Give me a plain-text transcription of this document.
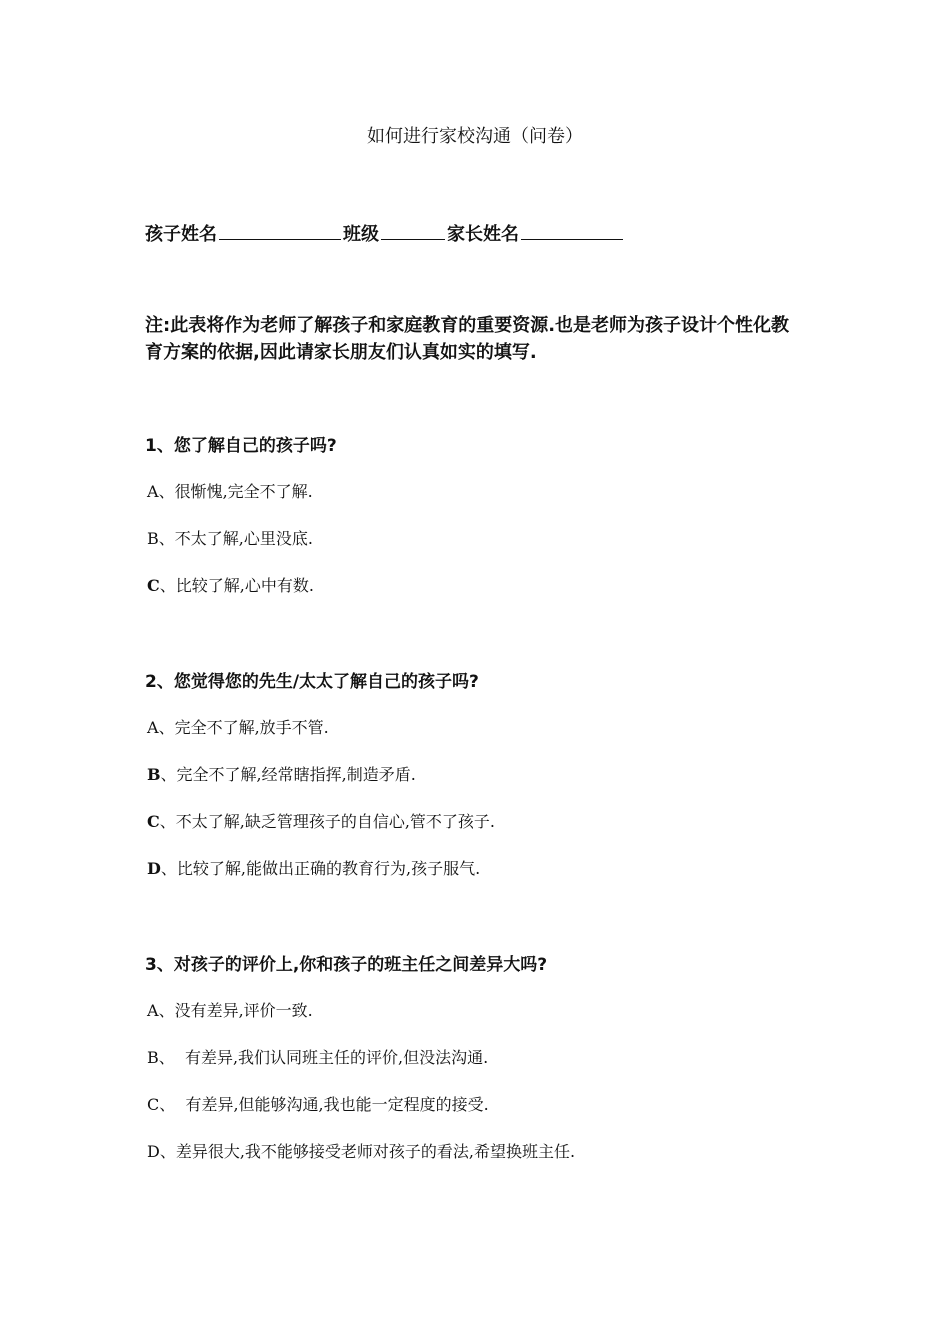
如何进行家校沟通（问卷）
孩子姓名	班级	家长姓名
注:此表将作为老师了解孩子和家庭教育的重要资源.也是老师为孩子设计个性化教育方案的依据,因此请家长朋友们认真如实的填写.
1、您了解自己的孩子吗?
A、很惭愧,完全不了解.
B、不太了解,心里没底.
C、比较了解,心中有数.
2、您觉得您的先生/太太了解自己的孩子吗?
A、完全不了解,放手不管.
B、完全不了解,经常瞎指挥,制造矛盾.
C、不太了解,缺乏管理孩子的自信心,管不了孩子.
D、比较了解,能做出正确的教育行为,孩子服气.
3、对孩子的评价上,你和孩子的班主任之间差异大吗?
A、没有差异,评价一致.
B、  有差异,我们认同班主任的评价,但没法沟通.
C、  有差异,但能够沟通,我也能一定程度的接受.
D、差异很大,我不能够接受老师对孩子的看法,希望换班主任.
